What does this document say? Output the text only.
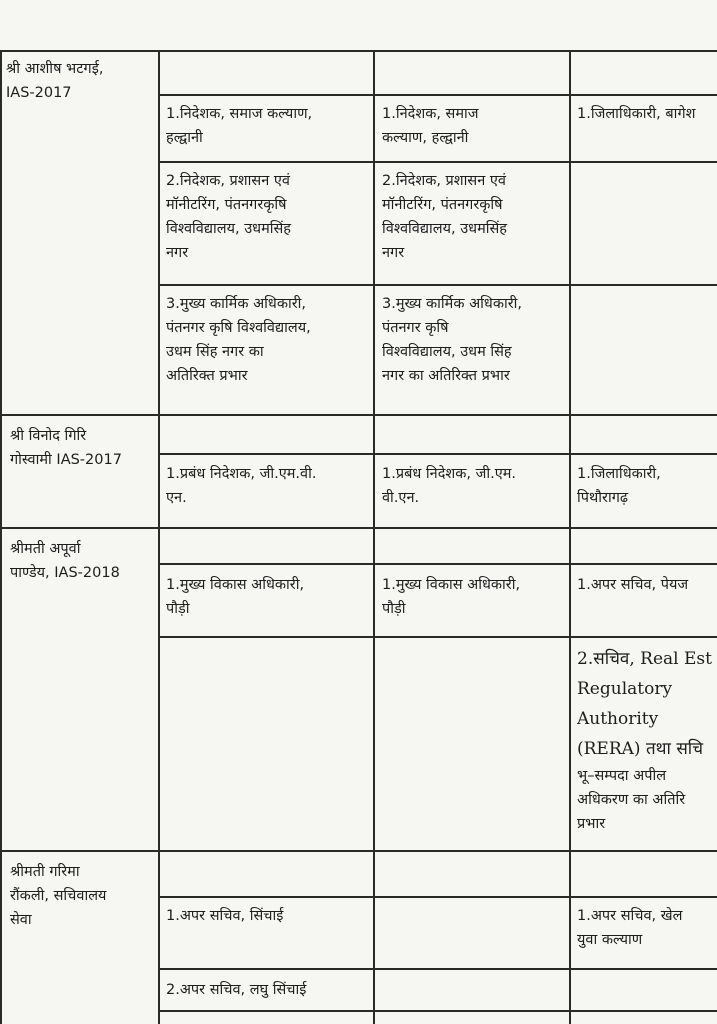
श्री आशीष भटगई,
IAS-2017
1.निदेशक, समाज कल्याण,
हल्द्वानी
1.निदेशक, समाज
कल्याण, हल्द्वानी
1.जिलाधिकारी, बागेश
2.निदेशक, प्रशासन एवं
मॉनीटरिंग, पंतनगरकृषि
विश्वविद्यालय, उधमसिंह
नगर
2.निदेशक, प्रशासन एवं
मॉनीटरिंग, पंतनगरकृषि
विश्वविद्यालय, उधमसिंह
नगर
3.मुख्य कार्मिक अधिकारी,
पंतनगर कृषि विश्वविद्यालय,
उधम सिंह नगर का
अतिरिक्त प्रभार
3.मुख्य कार्मिक अधिकारी,
पंतनगर कृषि
विश्वविद्यालय, उधम सिंह
नगर का अतिरिक्त प्रभार
श्री विनोद गिरि
गोस्वामी IAS-2017
1.प्रबंध निदेशक, जी.एम.वी.
एन.
1.प्रबंध निदेशक, जी.एम.
वी.एन.
1.जिलाधिकारी,
पिथौरागढ़
श्रीमती अपूर्वा
पाण्डेय, IAS-2018
1.मुख्य विकास अधिकारी,
पौड़ी
1.मुख्य विकास अधिकारी,
पौड़ी
1.अपर सचिव, पेयज
2.सचिव, Real Est
Regulatory
Authority
(RERA) तथा सचि
भू–सम्पदा अपील
अधिकरण का अतिरि
प्रभार
श्रीमती गरिमा
रौंकली, सचिवालय
सेवा	1.अपर सचिव, सिंचाई	1.अपर सचिव, खेल
युवा कल्याण
2.अपर सचिव, लघु सिंचाई
